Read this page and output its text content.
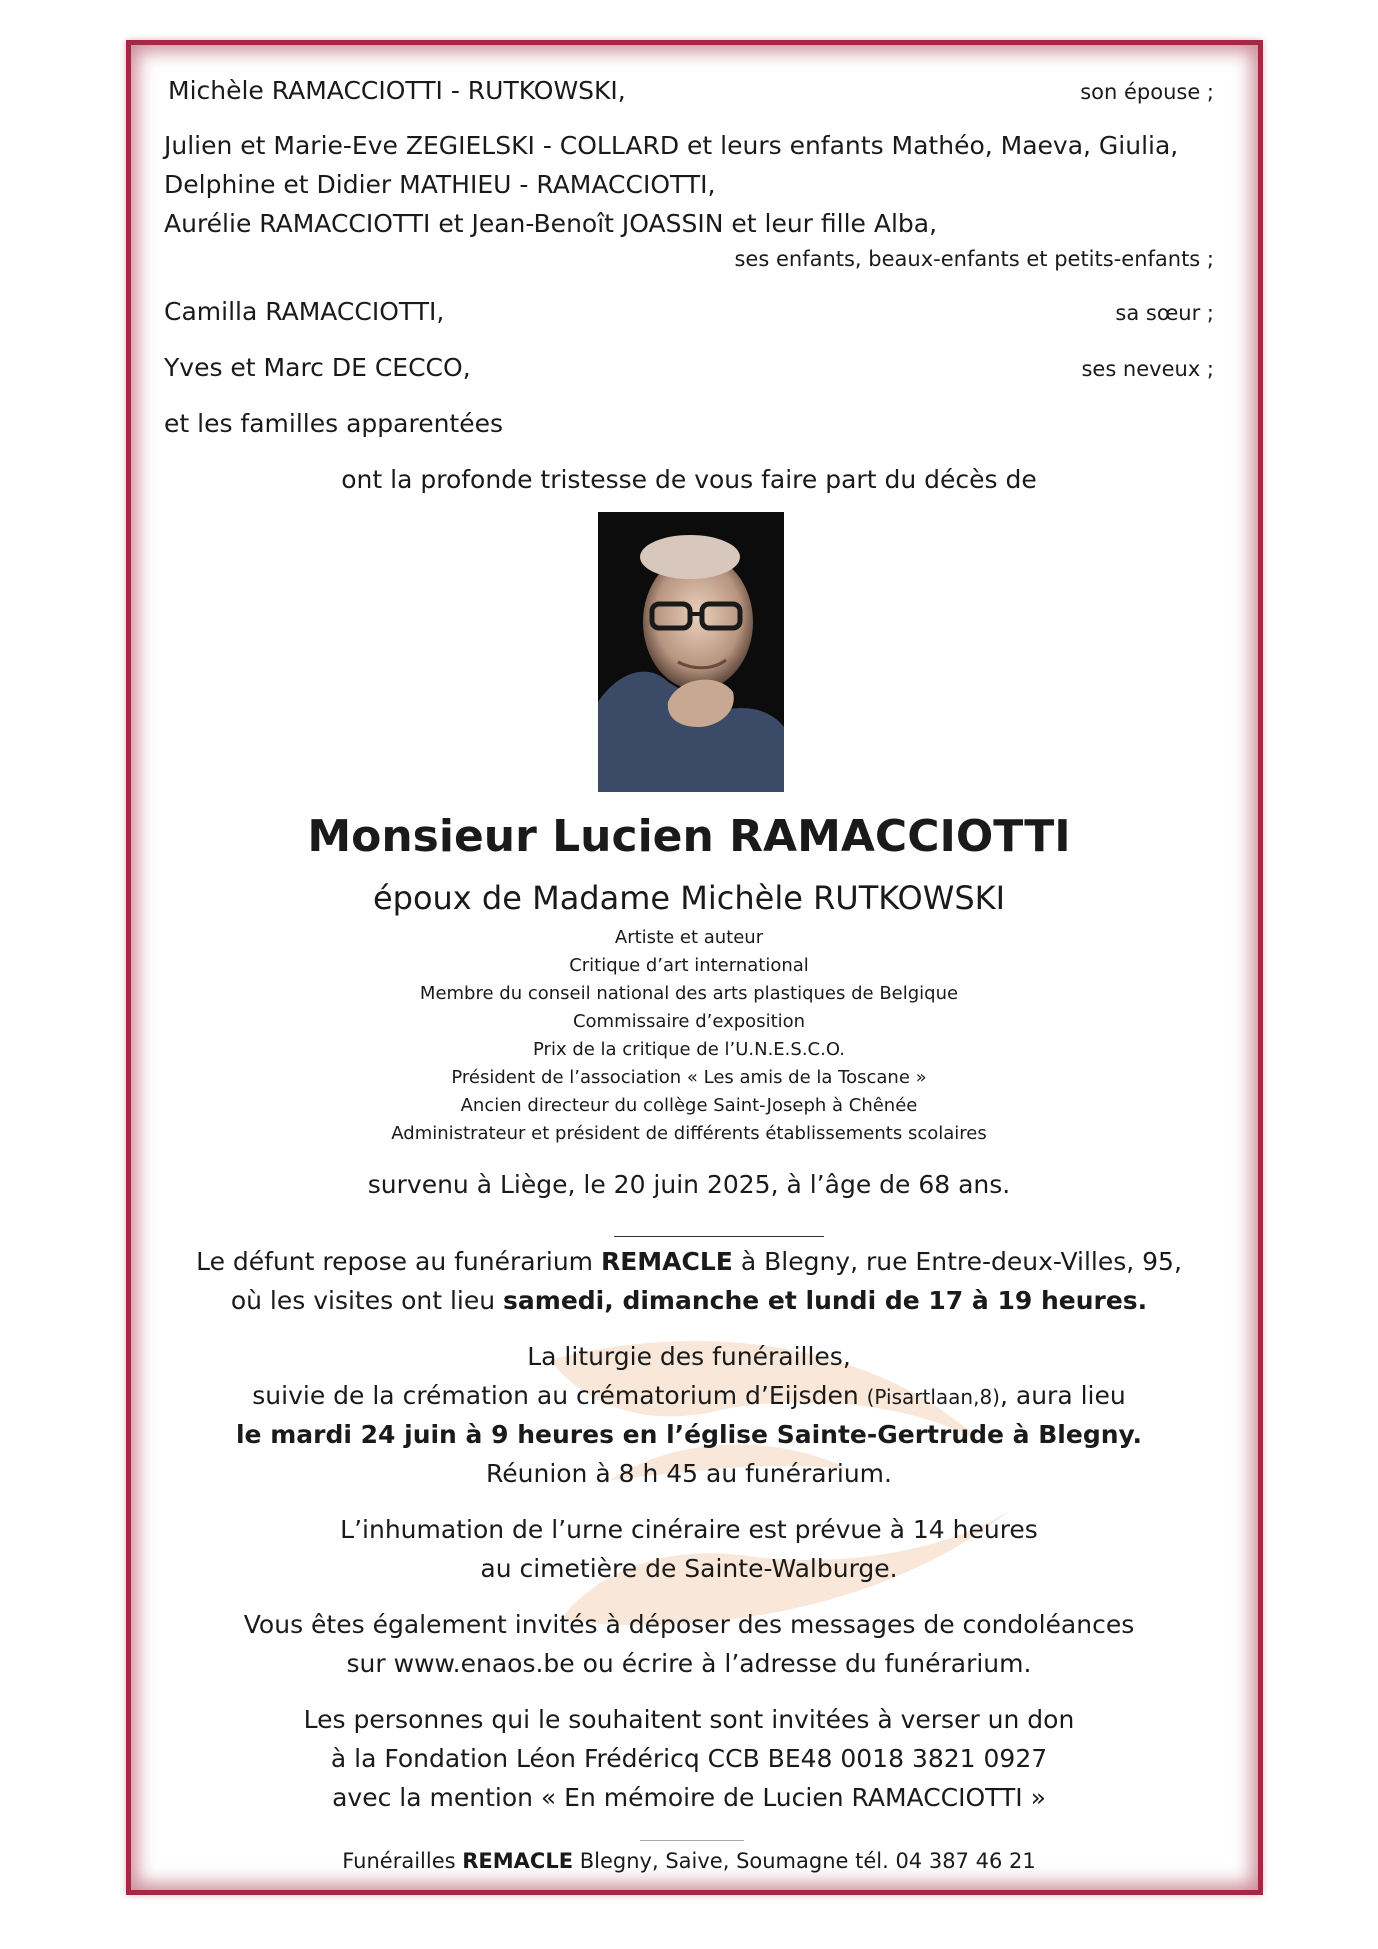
Michèle RAMACCIOTTI - RUTKOWSKI,	son épouse ;
Julien et Marie-Eve ZEGIELSKI - COLLARD et leurs enfants Mathéo, Maeva, Giulia,
Delphine et Didier MATHIEU - RAMACCIOTTI,
Aurélie RAMACCIOTTI et Jean-Benoît JOASSIN et leur fille Alba,
ses enfants, beaux-enfants et petits-enfants ;
Camilla RAMACCIOTTI,	sa sœur ;
Yves et Marc DE CECCO,	ses neveux ;
et les familles apparentées
ont la profonde tristesse de vous faire part du décès de
Monsieur Lucien RAMACCIOTTI
époux de Madame Michèle RUTKOWSKI
Artiste et auteur
Critique d’art international
Membre du conseil national des arts plastiques de Belgique
Commissaire d’exposition
Prix de la critique de l’U.N.E.S.C.O.
Président de l’association « Les amis de la Toscane »
Ancien directeur du collège Saint-Joseph à Chênée
Administrateur et président de différents établissements scolaires
survenu à Liège, le 20 juin 2025, à l’âge de 68 ans.
Le défunt repose au funérarium REMACLE à Blegny, rue Entre-deux-Villes, 95,
où les visites ont lieu samedi, dimanche et lundi de 17 à 19 heures.
La liturgie des funérailles,
suivie de la crémation au crématorium d’Eijsden (Pisartlaan,8), aura lieu
le mardi 24 juin à 9 heures en l’église Sainte-Gertrude à Blegny.
Réunion à 8 h 45 au funérarium.
L’inhumation de l’urne cinéraire est prévue à 14 heures
au cimetière de Sainte-Walburge.
Vous êtes également invités à déposer des messages de condoléances
sur www.enaos.be ou écrire à l’adresse du funérarium.
Les personnes qui le souhaitent sont invitées à verser un don
à la Fondation Léon Frédéricq CCB BE48 0018 3821 0927
avec la mention « En mémoire de Lucien RAMACCIOTTI »
Funérailles REMACLE Blegny, Saive, Soumagne tél. 04 387 46 21
